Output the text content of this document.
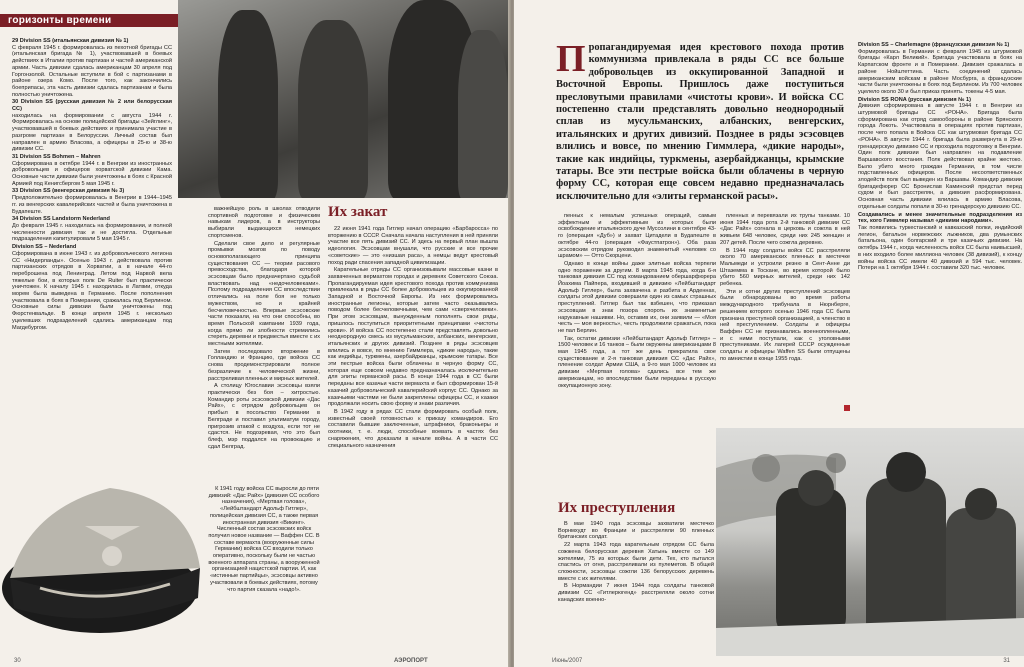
горизонты времени

29 Division SS (итальянская дивизия № 1)
С февраля 1945 г. формировалась из пехотной бригады СС (итальянская бригада № 1), участвовавшей в боевых действиях в Италии против партизан и частей американской армии. Часть дивизии сдалась американцам 30 апреля под Горгонзолой. Остальные вступили в бой с партизанами в районе озера Комо. После того, как закончились боеприпасы, эта часть дивизии сдалась партизанам и была полностью уничтожена.

30 Division SS (русская дивизия № 2 или белорусская СС)
находилась на формировании с августа 1944 г. Формировалась на основе полицейской бригады «Зейглинг», участвовавшей в боевых действиях и принимала участие в разгроме партизан в Белоруссии. Личный состав был направлен в армию Власова, а офицеры в 25-ю и 38-ю дивизии СС.

31 Division SS Bohmen – Mahren
Сформирована в октябре 1944 г. в Венгрии из иностранных добровольцев и офицеров хорватской дивизии Кама. Основные части дивизии были уничтожены в боях с Красной Армией под Кенигсбергом 5 мая 1945 г.

33 Division SS (венгерская дивизия № 3)
Предположительно формировалась в Венгрии в 1944–1945 гг. из венгерских кавалерийских частей и была уничтожена в Будапеште.

34 Division SS Landstorm Nederland
До февраля 1945 г. находилась на формировании, и полной численности дивизия так и не достигла. Отдельные подразделения капитулировали 5 мая 1945 г.

Division SS – Nederland
Сформирована в июне 1943 г. из добровольческого легиона СС «Нидерланды». Осенью 1943 г. действовала против партизанских отрядов в Хорватии, а в начале 44-го переброшена под Ленинград. Летом под Нарвой вела тяжелые бои, в которых полк De Ruiter был практически уничтожен. К началу 1945 г. находилась в Латвии, откуда морем была выведена в Германию. После пополнения участвовала в боях в Померании, сражалась под Берлином. Основные силы дивизии были уничтожены под Фюрстенвальде. В конце апреля 1945 г. несколько уцелевших подразделений сдались американцам под Магдебургом.

важнейшую роль в школах отводили спортивной подготовке и физическим навыкам лидеров, а в инструкторы выбирали выдающихся немецких спортсменов.

Сделали свое дело и регулярные промывки мозгов по поводу основополагающего принципа существования СС — теории расового превосходства, благодаря которой эсэсовцам было предначертано судьбой властвовать над «недочеловеками». Поэтому подразделения СС впоследствии отличались на поле боя не только мужеством, но и крайней бесчеловечностью. Впервые эсэсовские части показали, на что они способны, во время Польской кампании 1939 года, когда прямо ли злобности стремились стереть деревни и предместья вместе с их местными жителями.

Затем последовало вторжение в Голландию и Францию, где войска СС снова продемонстрировали полное безразличие к человеческой жизни, расстреливая пленных и мирных жителей.

А столицу Югославии эсэсовцы взяли практически без боя – хитростью. Командир роты эсэсовской дивизии «Дас Райх», с отрядом добровольцев он прибыл в посольство Германии в Белграде и поставил ультиматум городу, пригрозив атакой с воздуха, если тот не сдастся. Не подозревая, что это был блеф, мэр поддался на провокацию и сдал Белград.

К 1941 году войска СС выросли до пяти дивизий: «Дас Райх» (дивизия СС особого назначения), «Мертвая голова», «Лейбштандарт Адольф Гитлер», полицейская дивизия СС, а также первая иностранная дивизия «Викинг». Численный состав эсэсовских войск получил новое название — Ваффен СС. В составе вермахта (вооруженные силы Германии) войска СС входили только оперативно, поскольку были не частью военного аппарата страны, а вооруженной организацией нацистской партии. И, как «истинные партийцы», эсэсовцы активно участвовали в боевых действиях, потому что партия сказала «надо!».

Их закат

22 июня 1941 года Гитлер начал операцию «Барбаросса» по вторжению в СССР. Сначала начала наступления в ней приняли участие все пять дивизий СС. И здесь на первый план вышла идеология. Эсэсовцам внушали, что русские и все прочие «советские» — это «низшая раса», а немцы ведут крестовый поход ради спасения западной цивилизации.

Карательные отряды СС организовывали массовые казни в захваченных вермахтом городах и деревнях Советского Союза. Пропагандируемая идея крестового похода против коммунизма привлекала в ряды СС более добровольцев из оккупированной Западной и Восточной Европы. Из них формировались иностранные легионы, которые затем часто оказывались поводом более бесчеловечными, чем сами «сверхчеловеки». При этом эсэсовцам, вынужденным пополнять свои ряды, пришлось поступиться приоритетными принципами «чистоты крови». И войска СС постепенно стали представлять довольно неоднородную смесь из мусульманских, албанских, венгерских, итальянских и других дивизий. Позднее в ряды эсэсовцев влились и вовсе, по мнению Гиммлера, «дикие народы», такие как индийцы, туркмены, азербайджанцы, крымские татары. Все эти пестрые войска были облачены в черную форму СС, которая еще совсем недавно предназначалась исключительно для элиты германской расы. В конце 1944 года в СС были переданы все казачьи части вермахта и был сформирован 15-й казачий добровольческий кавалерийский корпус СС. Однако за казачьими частями не были закреплены офицеры СС, и казаки продолжали носить свою форму и знаки различия.

В 1942 году в рядах СС стали формировать особый полк, известный своей готовностью к приказу командиров. Его составили бывшие заключенные, штрафники, браконьеры и охотники, т. е. люди, способные воевать в частях без снаряжения, что доказали в начале войны. А в части СС специального назначения

30	АЭРОПОРТ

пенных к немалым успешных операций, самым эффектным и эффективным из которых были освобождение итальянского дуче Муссолини в сентябре 43-го (операция «Дуб») и захват Цитадели в Будапеште в октябре 44-го (операция «Фаустпатрон»). Оба раза эсэсовским отрядом руководил знаменитый «человек со шрамом» — Отто Скорцени.

Однако в конце войны даже элитные войска терпели одно поражение за другим. 8 марта 1945 года, когда 6-я танковая дивизия СС под командованием обершарфюрера Йоахима Пайпера, входившей в дивизию «Лейбштандарт Адольф Гитлер», была захвачена и разбита в Арденнах, солдаты этой дивизии совершили один из самых страшных преступлений. Гитлер был так взбешен, что приказал эсэсовцам в знак позора спороть их знаменитые нарукавные нашивки. Но, оставив их, они заявили — «Моя честь — моя верность», честь продолжили сражаться, пока не пал Берлин.

Так, остатки дивизии «Лейбштандарт Адольф Гитлер» – 1500 человек и 16 танков – были окружены американцами 8 мая 1945 года, а тот же день прекратила свое существование и 2-я танковая дивизия СС «Дас Райх», пленение солдат Армии США, а 9-го мая 1000 человек из дивизии «Мертвая голова» сдались все тем же американцам, но впоследствии были переданы в русскую оккупационную зону.

пленных и перевязали их трупы танками. 10 июня 1944 года рота 2-й танковой дивизии СС «Дас Райх» согнала в церковь и сожгла в ней живьем 648 человек, среди них 245 женщин и 207 детей. После чего сожгла деревню.

В 1944 году солдаты войск СС расстреляли около 70 американских пленных в местечке Мальмеди и устроили резню в Сент-Анне ди Штаземма в Тоскане, во время которой было убито 560 мирных жителей, среди них 142 ребенка.

Эти и сотни других преступлений эсэсовцев были обнародованы во время работы международного трибунала в Нюрнберге, решением которого осенью 1946 года СС была признана преступной организацией, а членство в ней преступлением. Солдаты и офицеры Ваффен СС не признавались военнопленными, и с ними поступали, как с уголовными преступниками. Их лагерей СССР осужденные солдаты и офицеры Waffen SS были отпущены по амнистии в конце 1955 года.

Их преступления

В мае 1940 года эсэсовцы захватили местечко Ворнмхудт во Франции и расстреляли 90 пленных британских солдат.

22 марта 1943 года карательным отрядом СС была сожжена белорусская деревня Хатынь вместе со 149 жителями, 75 из которых были дети. Тех, кто пытался спастись от огня, расстреливали из пулеметов. В общей сложности, эсэсовцы сожгли 136 белорусских деревень вместе с их жителями.

В Нормандии 7 июня 1944 года солдаты танковой дивизии СС «Гитлерюгенд» расстреляли около сотни канадских военно-

Division SS – Charlemagne (французская дивизия № 1)
Формировалась в Германии с февраля 1945 из штурмовой бригады «Карл Великий». Бригада участвовала в боях на Карпатском фронте и в Померании. Дивизия сражалась в районе Нойштеттина. Часть соединений сдалась американским войскам в районе Мосбурга, а французские части были уничтожены в боях под Берлином. Из 700 человек уцелело около 30 и был приказ принять. токены 4-5 мая.

Division SS RONA (русская дивизия № 1)
Дивизия сформирована в августе 1944 г. в Венгрии из штурмовой бригады СС «РОНА». Бригада была сформирована как отряд самообороны в районе Брянского города Локоть. Участвовала в операциях против партизан, после чего попала в Войска СС как штурмовая бригада СС «РОНА». В августе 1944 г. бригада была развернута в 29-ю гренадерскую дивизию СС и проходила подготовку в Венгрии. Один полк дивизии был направлен на подавление Варшавского восстания. Полк действовал крайне жестоко. Было убито много граждан Германии, в том числе подставленных офицеров. После несоответственных злодейств полк был выведен из Варшавы. Командир дивизии бригадефюрер СС Бронислав Каминский предстал перед судом и был расстрелян, а дивизия расформирована. Основная часть дивизии влилась в армию Власова, отдельные солдаты попали в 30-ю гренадерскую дивизию СС.

Создавались и менее значительные подразделения из тех, кого Гиммлер называл «дикими народами».
Так появились туркестанский и кавказский полки, индийский легион, батальон норвежских лыжников, два румынских батальона, один болгарский и три казачьих дивизии. На октябрь 1944 г., когда численность войск СС была наивысшей, в них входило более миллиона человек (38 дивизий), к концу войны войска СС имели 40 дивизий и 594 тыс. человек. Потери на 1 октября 1944 г. составили 320 тыс. человек.

Июнь/2007	31
Пропагандируемая идея крестового похода против коммунизма привлекала в ряды СС все больше добровольцев из оккупированной Западной и Восточной Европы. Пришлось даже поступиться пресловутыми правилами «чистоты крови». И войска СС постепенно стали представлять довольно неоднородный сплав из мусульманских, албанских, венгерских, итальянских и других дивизий. Позднее в ряды эсэсовцев влились и вовсе, по мнению Гиммлера, «дикие народы», такие как индийцы, туркмены, азербайджанцы, крымские татары. Все эти пестрые войска были облачены в черную форму СС, которая еще совсем недавно предназначалась исключительно для «элиты германской расы».
